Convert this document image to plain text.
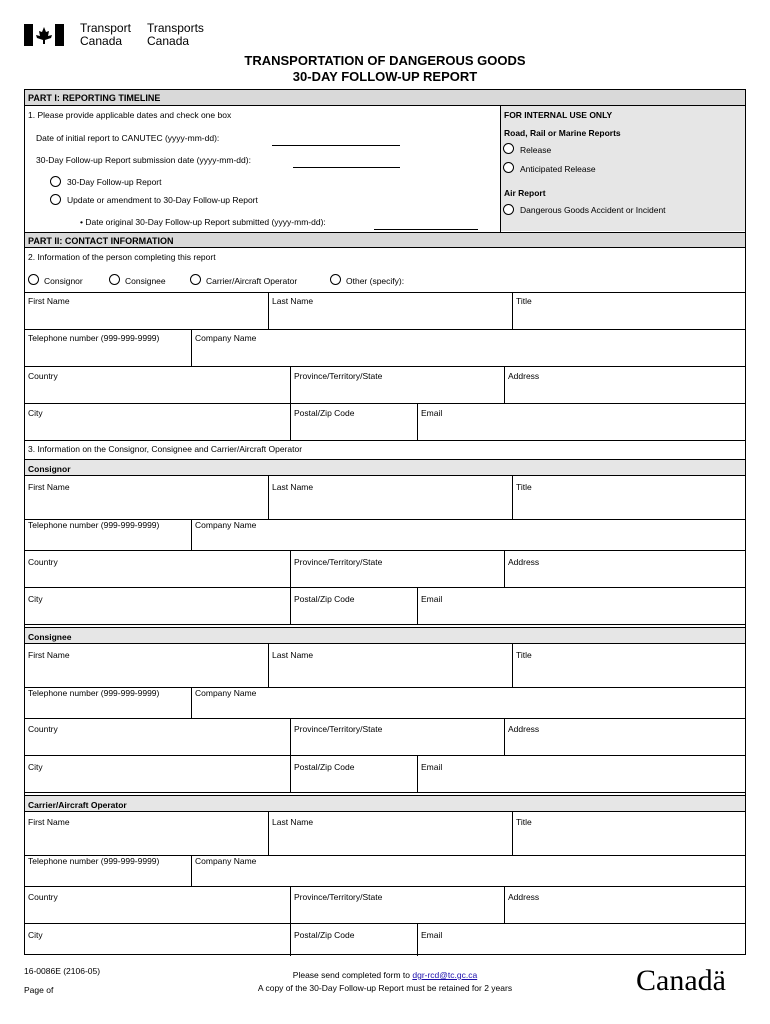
Transport
Canada
Transports
Canada
TRANSPORTATION OF DANGEROUS GOODS
30-DAY FOLLOW-UP REPORT
PART I: REPORTING TIMELINE
1. Please provide applicable dates and check one box
Date of initial report to CANUTEC (yyyy-mm-dd):
30-Day Follow-up Report submission date (yyyy-mm-dd):
30-Day Follow-up Report
Update or amendment to 30-Day Follow-up Report
• Date original 30-Day Follow-up Report submitted (yyyy-mm-dd):
FOR INTERNAL USE ONLY
Road, Rail or Marine Reports
Release
Anticipated Release
Air Report
Dangerous Goods Accident or Incident
PART II: CONTACT INFORMATION
2. Information of the person completing this report
Consignor	Consignee	Carrier/Aircraft Operator	Other (specify):
First Name	Last Name	Title
Telephone number (999-999-9999)	Company Name
Country	Province/Territory/State	Address
City	Postal/Zip Code	Email
3. Information on the Consignor, Consignee and Carrier/Aircraft Operator
Consignor
First Name	Last Name	Title
Telephone number (999-999-9999)	Company Name
Country	Province/Territory/State	Address
City	Postal/Zip Code	Email
Consignee
First Name	Last Name	Title
Telephone number (999-999-9999)	Company Name
Country	Province/Territory/State	Address
City	Postal/Zip Code	Email
Carrier/Aircraft Operator
First Name	Last Name	Title
Telephone number (999-999-9999)	Company Name
Country	Province/Territory/State	Address
City	Postal/Zip Code	Email
16-0086E (2106-05)
Page of
Please send completed form to dgr-rcd@tc.gc.ca
A copy of the 30-Day Follow-up Report must be retained for 2 years	Canadä
